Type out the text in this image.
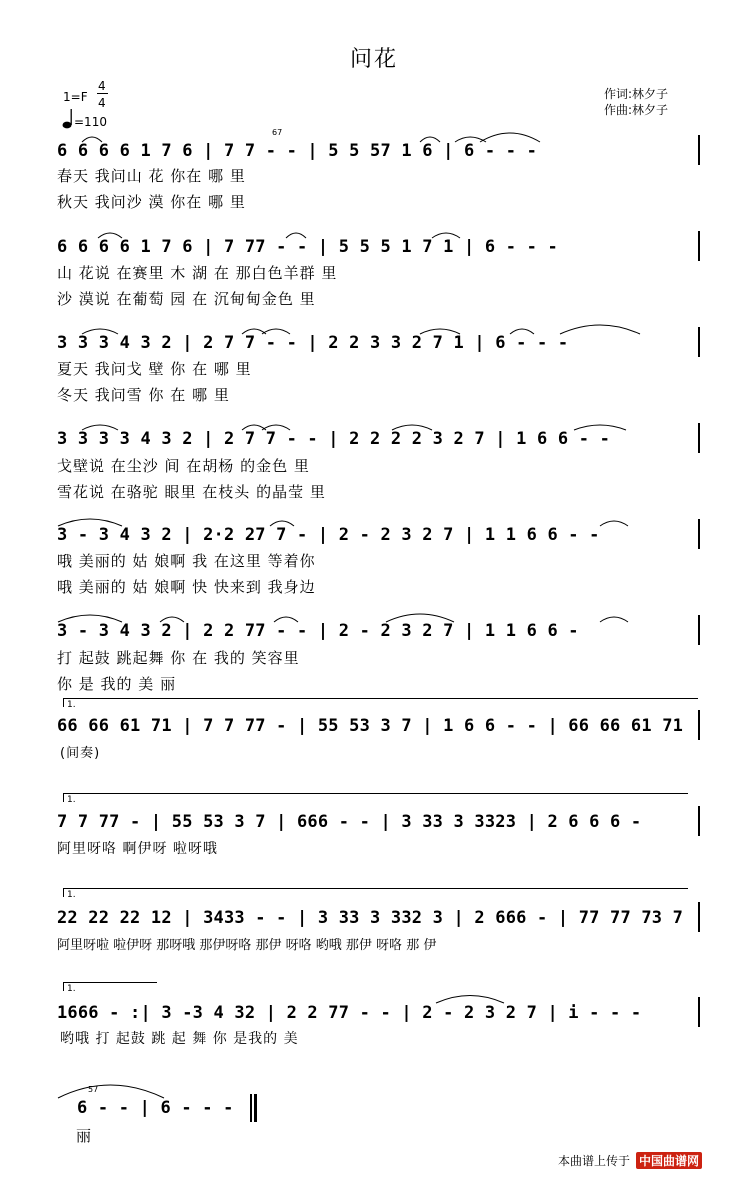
问花
1=F
4
4
=110
作词:林夕子
作曲:林夕子
6 6 6 6 1 7 6 | 7 7 - - | 5 5 57 1 6 | 6 - - -
春天 我问山 花 你在 哪 里
秋天 我问沙 漠 你在 哪 里
67
6 6 6 6 1 7 6 | 7 77 - - | 5 5 5 1 7 1 | 6 - - -
山 花说 在赛里 木 湖 在 那白色羊群 里
沙 漠说 在葡萄 园 在 沉甸甸金色 里
3 3 3 4 3 2 | 2 7 7 - - | 2 2 3 3 2 7 1 | 6 - - -
夏天 我问戈 壁 你 在 哪 里
冬天 我问雪 你 在 哪 里
3 3 3 3 4 3 2 | 2 7 7 - - | 2 2 2 2 3 2 7 | 1 6 6 - -
戈壁说 在尘沙 间 在胡杨 的金色 里
雪花说 在骆驼 眼里 在枝头 的晶莹 里
3 - 3 4 3 2 | 2·2 27 7 - | 2 - 2 3 2 7 | 1 1 6 6 - -
哦 美丽的 姑 娘啊 我 在这里 等着你
哦 美丽的 姑 娘啊 快 快来到 我身边
3 - 3 4 3 2 | 2 2 77 - - | 2 - 2 3 2 7 | 1 1 6 6 -
打 起鼓 跳起舞 你 在 我的 笑容里
你 是 我的 美 丽
1.
66 66 61 71 | 7 7 77 - | 55 53 3 7 | 1 6 6 - - | 66 66 61 71
(间奏)
1.
7 7 77 - | 55 53 3 7 | 666 - - | 3 33 3 3323 | 2 6 6 6 -
阿里呀咯 啊伊呀 啦呀哦
1.
22 22 22 12 | 3433 - - | 3 33 3 332 3 | 2 666 - | 77 77 73 7
阿里呀啦 啦伊呀 那呀哦 那伊呀咯 那伊 呀咯 哟哦 那伊 呀咯 那 伊
1.
1666 - :| 3 -3 4 32 | 2 2 77 - - | 2 - 2 3 2 7 | i - - -
哟哦 打 起鼓 跳 起 舞 你 是我的 美
57
6 - - | 6 - - -
丽
本曲谱上传于 中国曲谱网
